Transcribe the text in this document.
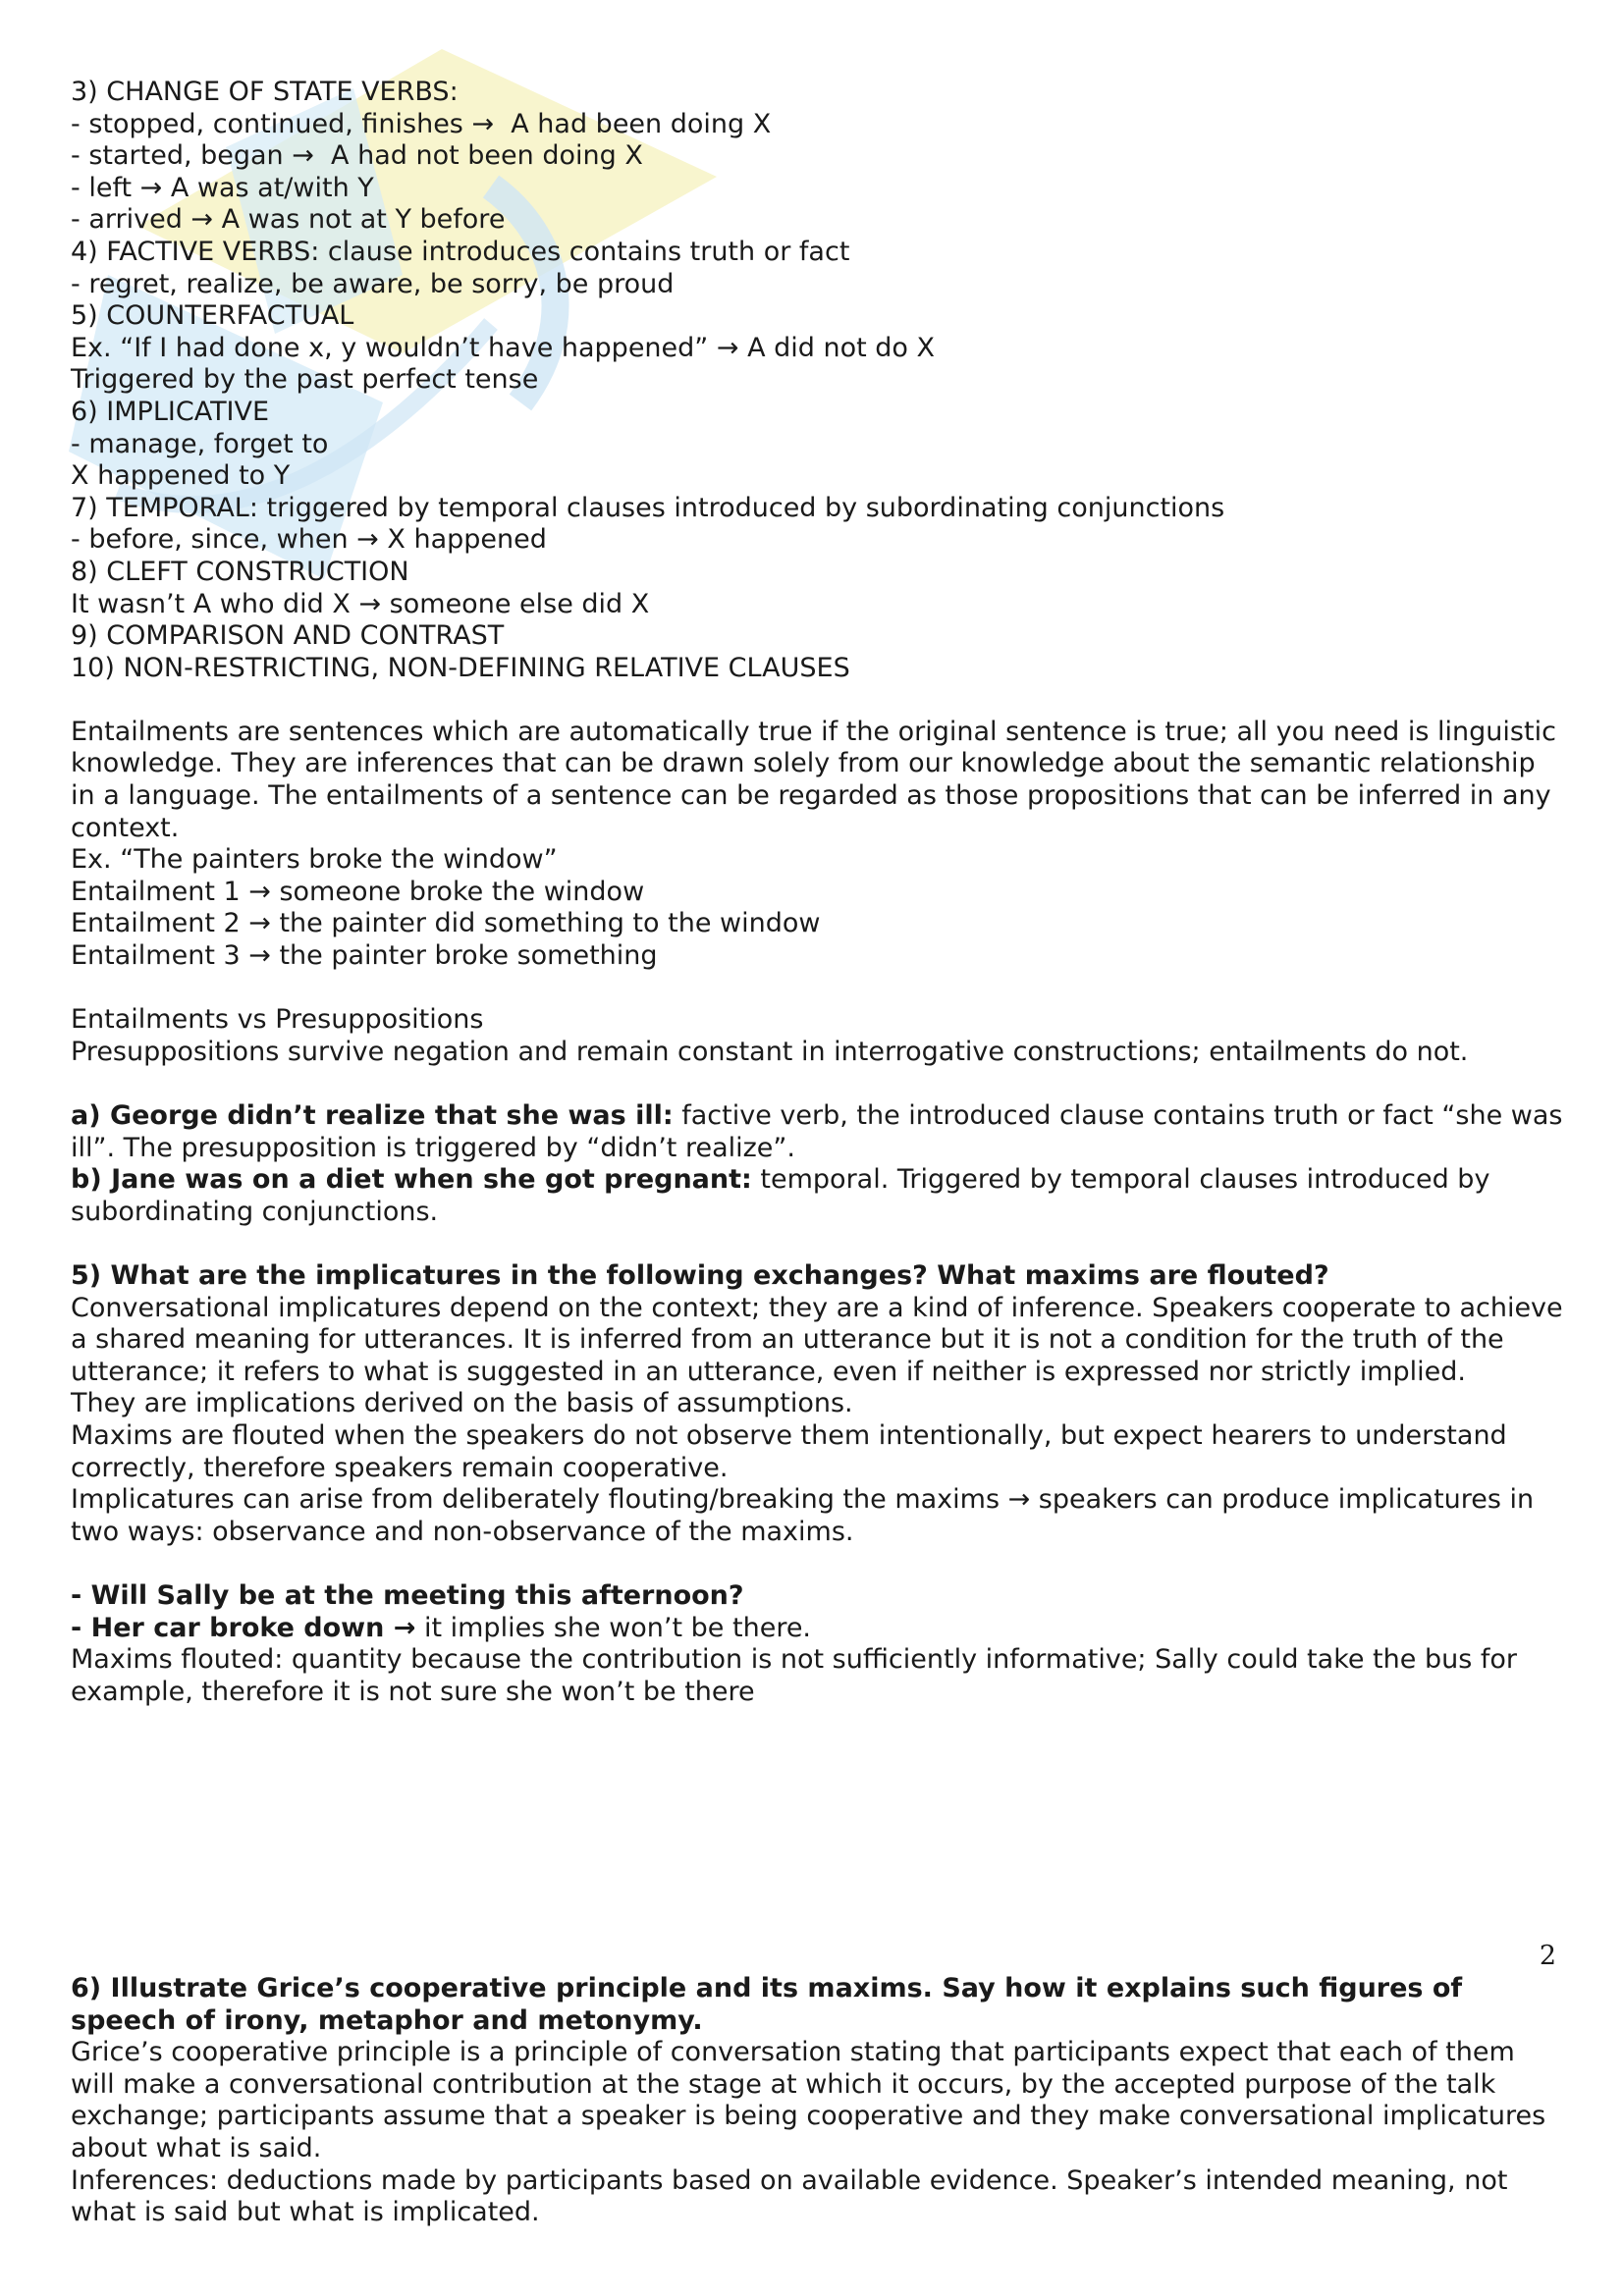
3) CHANGE OF STATE VERBS:

- stopped, continued, finishes →  A had been doing X

- started, began →  A had not been doing X

- left → A was at/with Y

- arrived → A was not at Y before

4) FACTIVE VERBS: clause introduces contains truth or fact

- regret, realize, be aware, be sorry, be proud

5) COUNTERFACTUAL

Ex. “If I had done x, y wouldn’t have happened” → A did not do X

Triggered by the past perfect tense

6) IMPLICATIVE

- manage, forget to

X happened to Y

7) TEMPORAL: triggered by temporal clauses introduced by subordinating conjunctions

- before, since, when → X happened

8) CLEFT CONSTRUCTION

It wasn’t A who did X → someone else did X

9) COMPARISON AND CONTRAST

10) NON-RESTRICTING, NON-DEFINING RELATIVE CLAUSES

Entailments are sentences which are automatically true if the original sentence is true; all you need is linguistic knowledge. They are inferences that can be drawn solely from our knowledge about the semantic relationship in a language. The entailments of a sentence can be regarded as those propositions that can be inferred in any context.

Ex. “The painters broke the window”

Entailment 1 → someone broke the window

Entailment 2 → the painter did something to the window

Entailment 3 → the painter broke something

Entailments vs Presuppositions

Presuppositions survive negation and remain constant in interrogative constructions; entailments do not.

a) George didn’t realize that she was ill: factive verb, the introduced clause contains truth or fact “she was ill”. The presupposition is triggered by “didn’t realize”.

b) Jane was on a diet when she got pregnant: temporal. Triggered by temporal clauses introduced by subordinating conjunctions.

5) What are the implicatures in the following exchanges? What maxims are flouted?

Conversational implicatures depend on the context; they are a kind of inference. Speakers cooperate to achieve a shared meaning for utterances. It is inferred from an utterance but it is not a condition for the truth of the utterance; it refers to what is suggested in an utterance, even if neither is expressed nor strictly implied.

They are implications derived on the basis of assumptions.

Maxims are flouted when the speakers do not observe them intentionally, but expect hearers to understand correctly, therefore speakers remain cooperative.

Implicatures can arise from deliberately flouting/breaking the maxims → speakers can produce implicatures in two ways: observance and non-observance of the maxims.

- Will Sally be at the meeting this afternoon?

- Her car broke down → it implies she won’t be there.

Maxims flouted: quantity because the contribution is not sufficiently informative; Sally could take the bus for example, therefore it is not sure she won’t be there

2

6) Illustrate Grice’s cooperative principle and its maxims. Say how it explains such figures of speech of irony, metaphor and metonymy.

Grice’s cooperative principle is a principle of conversation stating that participants expect that each of them will make a conversational contribution at the stage at which it occurs, by the accepted purpose of the talk exchange; participants assume that a speaker is being cooperative and they make conversational implicatures about what is said.

Inferences: deductions made by participants based on available evidence. Speaker’s intended meaning, not what is said but what is implicated.
